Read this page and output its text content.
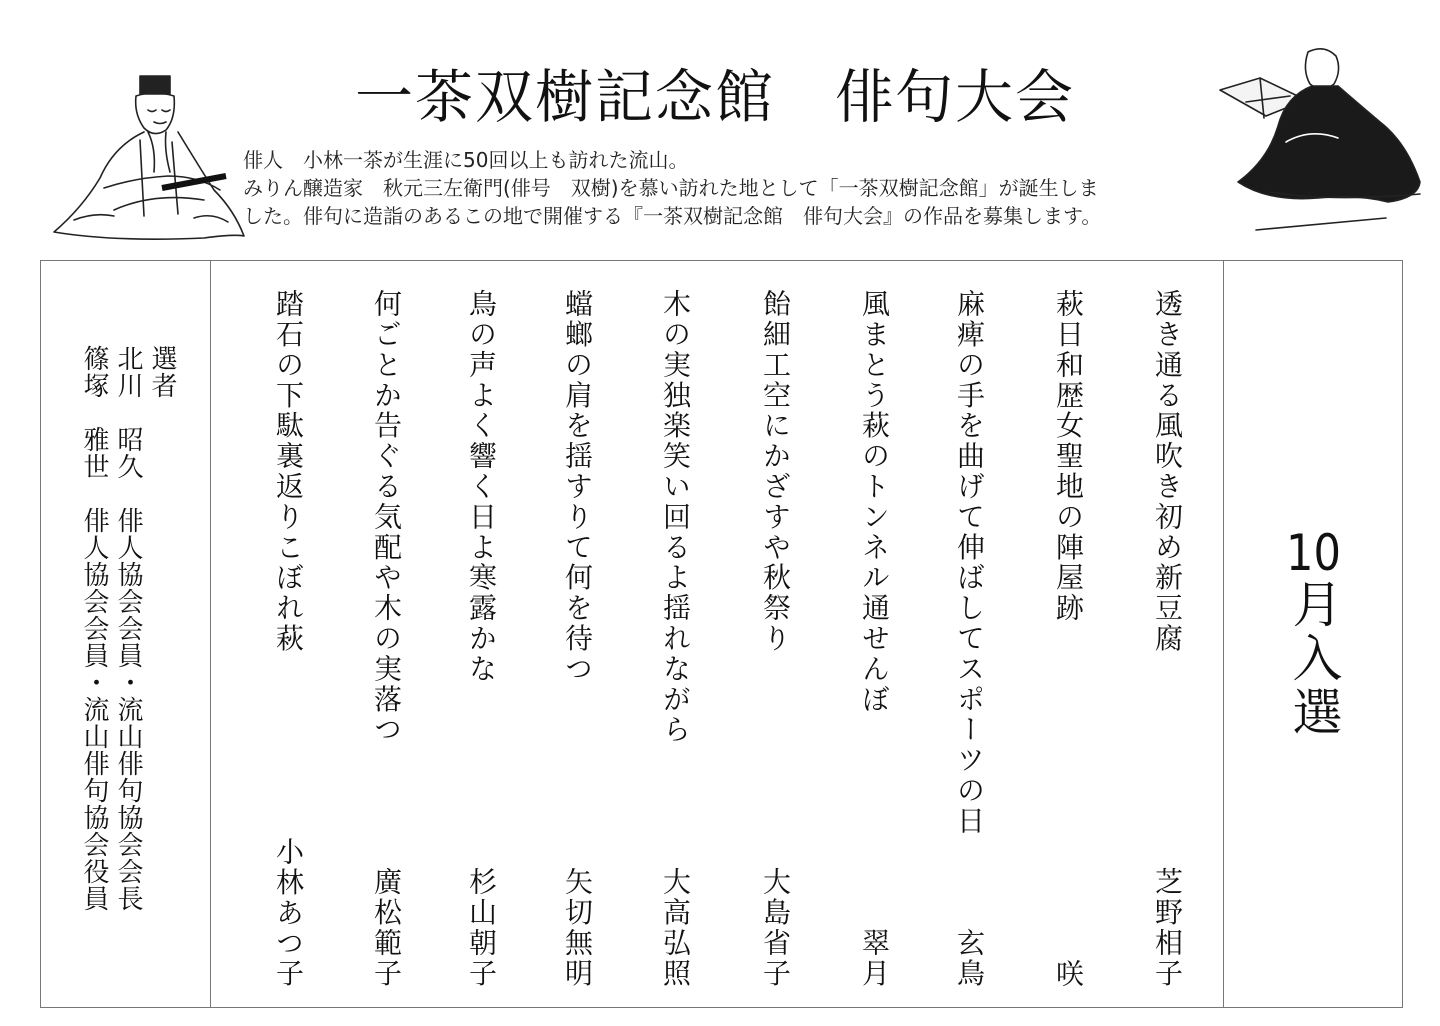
一茶双樹記念館　俳句大会

俳人　小林一茶が生涯に50回以上も訪れた流山。

みりん醸造家　秋元三左衛門(俳号　双樹)を慕い訪れた地として「一茶双樹記念館」が誕生しま

した。俳句に造詣のあるこの地で開催する『一茶双樹記念館　俳句大会』の作品を募集します。

10月入選
選者
北川　昭久　俳人協会会員・流山俳句協会会長
篠塚　雅世　俳人協会会員・流山俳句協会役員	透き通る風吹き初め新豆腐
芝野相子
萩日和歴女聖地の陣屋跡
咲
麻痺の手を曲げて伸ばしてスポーツの日
玄鳥
風まとう萩のトンネル通せんぼ
翠月
飴細工空にかざすや秋祭り
大島省子
木の実独楽笑い回るよ揺れながら
大高弘照
蟷螂の肩を揺すりて何を待つ
矢切無明
鳥の声よく響く日よ寒露かな
杉山朝子
何ごとか告ぐる気配や木の実落つ
廣松範子
踏石の下駄裏返りこぼれ萩
小林あつ子
